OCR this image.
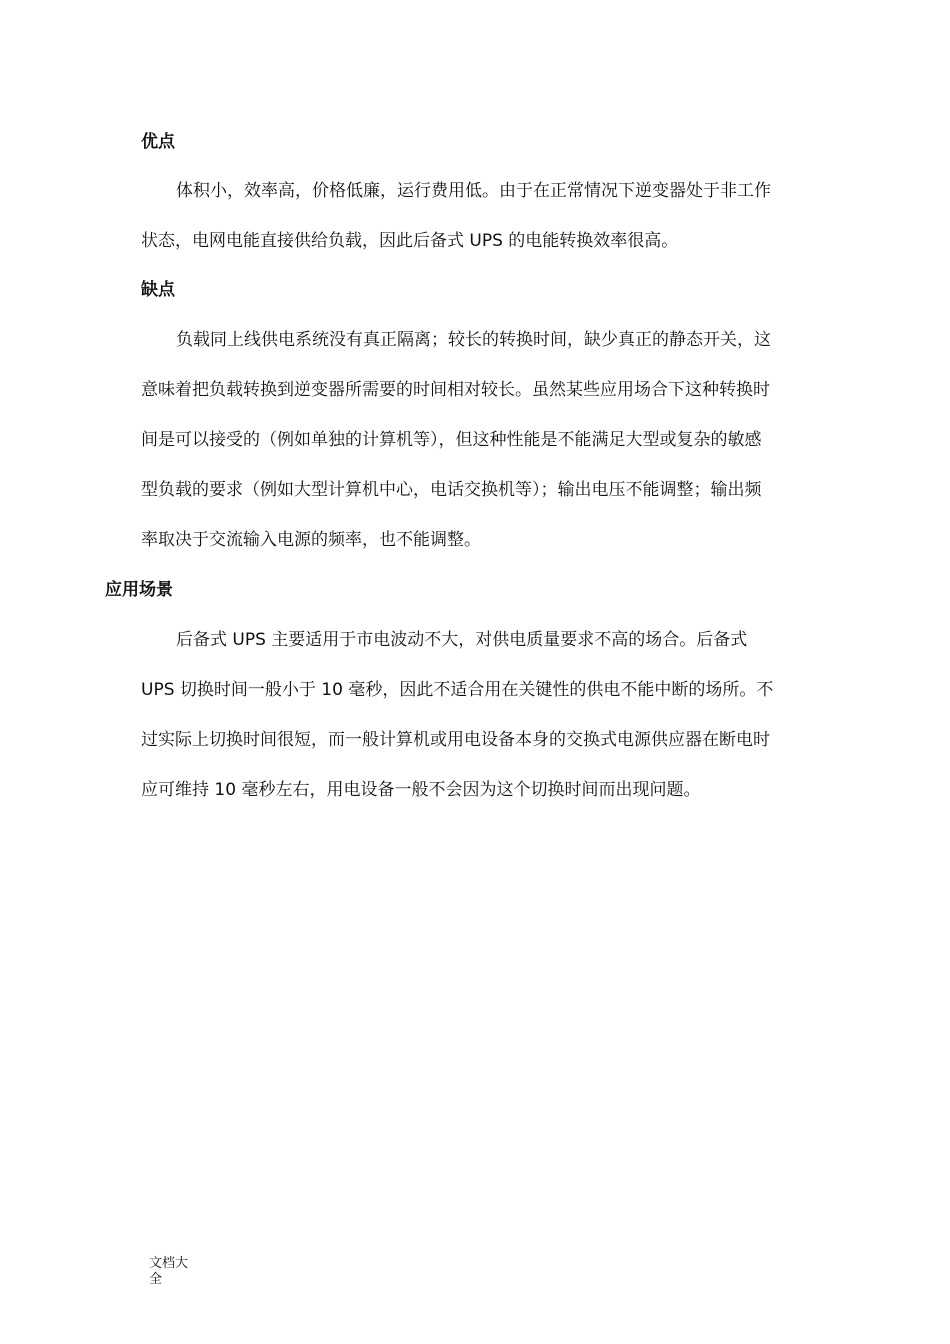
优点
体积小，效率高，价格低廉，运行费用低。由于在正常情况下逆变器处于非工作
状态，电网电能直接供给负载，因此后备式 UPS 的电能转换效率很高。
缺点
负载同上线供电系统没有真正隔离；较长的转换时间，缺少真正的静态开关，这
意味着把负载转换到逆变器所需要的时间相对较长。虽然某些应用场合下这种转换时
间是可以接受的（例如单独的计算机等），但这种性能是不能满足大型或复杂的敏感
型负载的要求（例如大型计算机中心，电话交换机等）；输出电压不能调整；输出频
率取决于交流输入电源的频率，也不能调整。
应用场景
后备式 UPS 主要适用于市电波动不大，对供电质量要求不高的场合。后备式
UPS 切换时间一般小于 10 毫秒，因此不适合用在关键性的供电不能中断的场所。不
过实际上切换时间很短，而一般计算机或用电设备本身的交换式电源供应器在断电时
应可维持 10 毫秒左右，用电设备一般不会因为这个切换时间而出现问题。
文档大
全
